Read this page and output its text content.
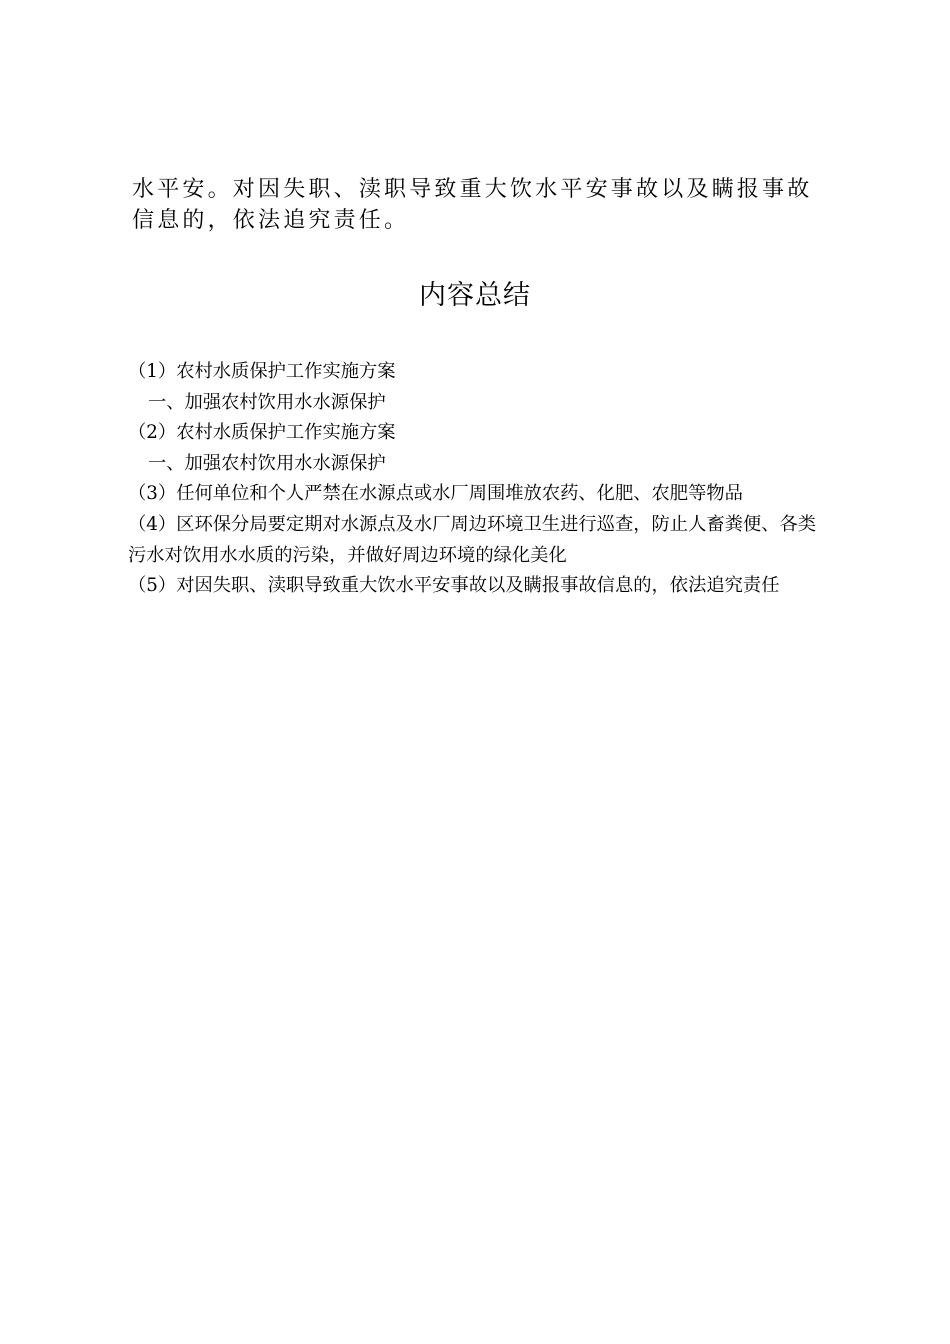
水平安。对因失职、渎职导致重大饮水平安事故以及瞒报事故

信息的，依法追究责任。

内容总结

（1）农村水质保护工作实施方案

一、加强农村饮用水水源保护

（2）农村水质保护工作实施方案

一、加强农村饮用水水源保护

（3）任何单位和个人严禁在水源点或水厂周围堆放农药、化肥、农肥等物品

（4）区环保分局要定期对水源点及水厂周边环境卫生进行巡查，防止人畜粪便、各类污水对饮用水水质的污染，并做好周边环境的绿化美化

（5）对因失职、渎职导致重大饮水平安事故以及瞒报事故信息的，依法追究责任
